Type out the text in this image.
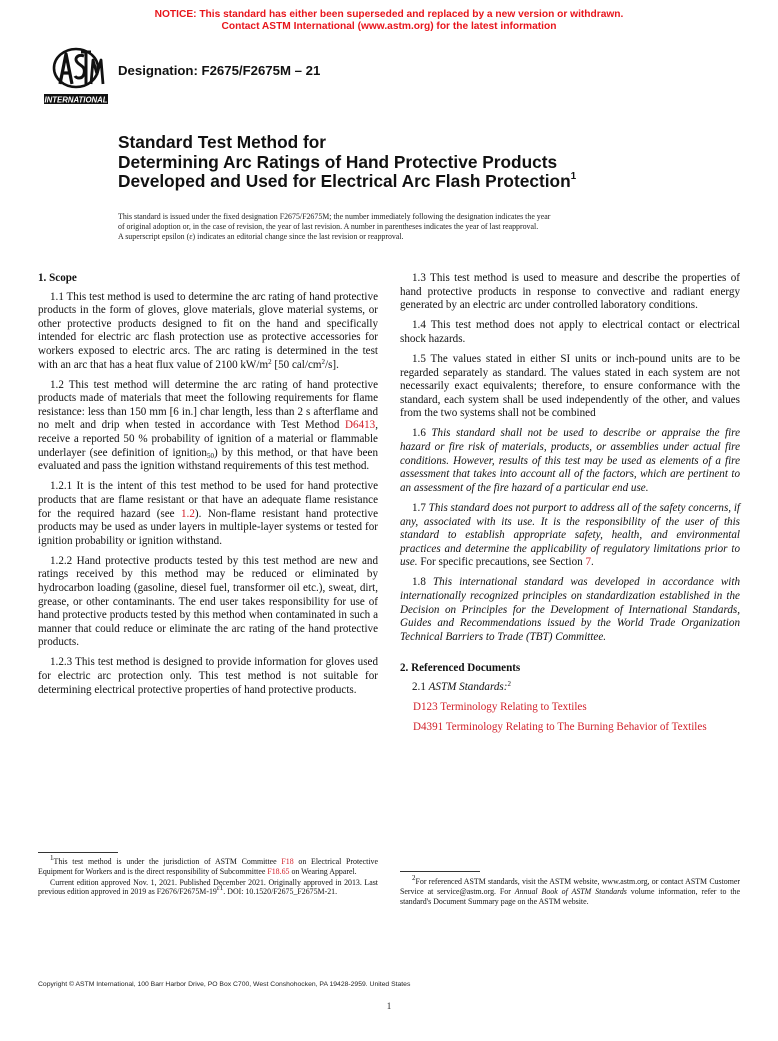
NOTICE: This standard has either been superseded and replaced by a new version or withdrawn.
Contact ASTM International (www.astm.org) for the latest information
INTERNATIONAL
Designation: F2675/F2675M – 21
Standard Test Method for
Determining Arc Ratings of Hand Protective Products
Developed and Used for Electrical Arc Flash Protection$^1$
This standard is issued under the fixed designation F2675/F2675M; the number immediately following the designation indicates the year
of original adoption or, in the case of revision, the year of last revision. A number in parentheses indicates the year of last reapproval.
A superscript epsilon (ε) indicates an editorial change since the last revision or reapproval.
1. Scope

1.1 This test method is used to determine the arc rating of hand protective products in the form of gloves, glove materials, glove material systems, or other protective products designed to fit on the hand and specifically intended for electric arc flash protection use as protective accessories for workers exposed to electric arcs. The arc rating is determined in the test with an arc that has a heat flux value of 2100 $kW/m^2$ [50 cal/$cm^2/s$].

1.2 This test method will determine the arc rating of hand protective products made of materials that meet the following requirements for flame resistance: less than 150 mm [6 in.] char length, less than 2 s afterflame and no melt and drip when tested in accordance with Test Method D6413, receive a reported 50 % probability of ignition of a material or flammable underlayer (see definition of ignition$_{50}$) by this method, or that have been evaluated and pass the ignition withstand requirements of this test method.

1.2.1 It is the intent of this test method to be used for hand protective products that are flame resistant or that have an adequate flame resistance for the required hazard (see 1.2). Non-flame resistant hand protective products may be used as under layers in multiple-layer systems or tested for ignition probability or ignition withstand.

1.2.2 Hand protective products tested by this test method are new and ratings received by this method may be reduced or eliminated by hydrocarbon loading (gasoline, diesel fuel, transformer oil etc.), sweat, dirt, grease, or other contaminants. The end user takes responsibility for use of hand protective products tested by this method when contaminated in such a manner that could reduce or eliminate the arc rating of the hand protective products.

1.2.3 This test method is designed to provide information for gloves used for electric arc protection only. This test method is not suitable for determining electrical protective properties of hand protective products.

1.3 This test method is used to measure and describe the properties of hand protective products in response to convective and radiant energy generated by an electric arc under controlled laboratory conditions.

1.4 This test method does not apply to electrical contact or electrical shock hazards.

1.5 The values stated in either SI units or inch-pound units are to be regarded separately as standard. The values stated in each system are not necessarily exact equivalents; therefore, to ensure conformance with the standard, each system shall be used independently of the other, and values from the two systems shall not be combined

1.6 This standard shall not be used to describe or appraise the fire hazard or fire risk of materials, products, or assemblies under actual fire conditions. However, results of this test may be used as elements of a fire assessment that takes into account all of the factors, which are pertinent to an assessment of the fire hazard of a particular end use.

1.7 This standard does not purport to address all of the safety concerns, if any, associated with its use. It is the responsibility of the user of this standard to establish appropriate safety, health, and environmental practices and determine the applicability of regulatory limitations prior to use. For specific precautions, see Section 7.

1.8 This international standard was developed in accordance with internationally recognized principles on standardization established in the Decision on Principles for the Development of International Standards, Guides and Recommendations issued by the World Trade Organization Technical Barriers to Trade (TBT) Committee.

2. Referenced Documents

2.1 ASTM Standards:$^2$

D123 Terminology Relating to Textiles

D4391 Terminology Relating to The Burning Behavior of Textiles

$^1$This test method is under the jurisdiction of ASTM Committee F18 on Electrical Protective Equipment for Workers and is the direct responsibility of Subcommittee F18.65 on Wearing Apparel.

Current edition approved Nov. 1, 2021. Published December 2021. Originally approved in 2013. Last previous edition approved in 2019 as $F2676/F2675M-19^{\varepsilon 1}$. DOI: 10.1520/F2675_F2675M-21.

$^2$For referenced ASTM standards, visit the ASTM website, www.astm.org, or contact ASTM Customer Service at service@astm.org. For Annual Book of ASTM Standards volume information, refer to the standard's Document Summary page on the ASTM website.

Copyright © ASTM International, 100 Barr Harbor Drive, PO Box C700, West Conshohocken, PA 19428-2959. United States
1
